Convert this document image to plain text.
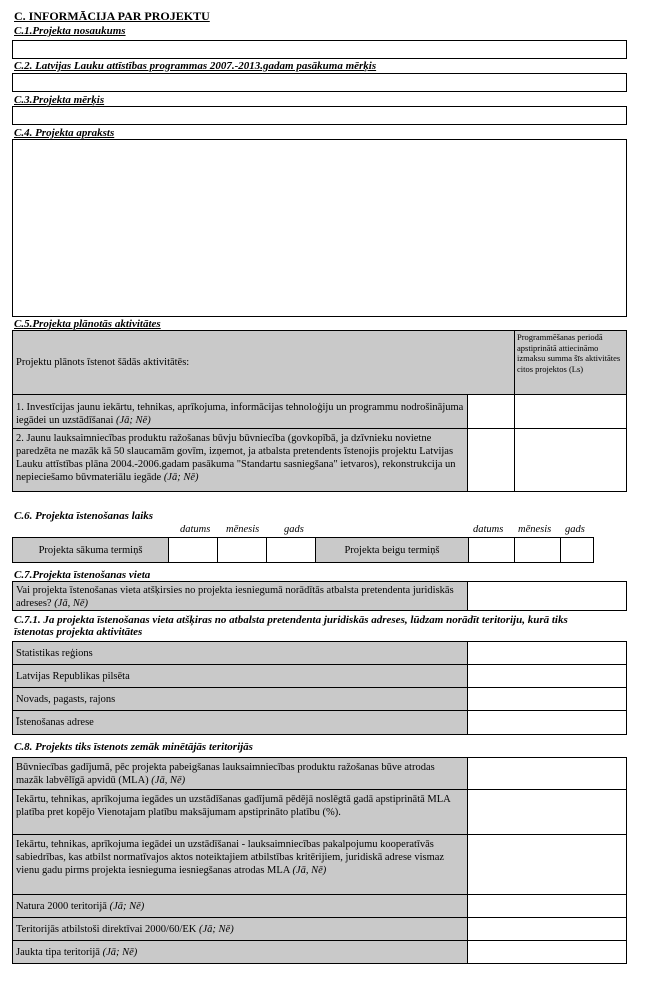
C. INFORMĀCIJA PAR PROJEKTU
C.1.Projekta nosaukums
C.2. Latvijas Lauku attīstības programmas 2007.-2013.gadam pasākuma mērķis
C.3.Projekta mērķis
C.4. Projekta apraksts
C.5.Projekta plānotās aktivitātes
Projektu plānots īstenot šādās aktivitātēs:
Programmēšanas periodā apstiprinātā attiecināmo izmaksu summa šīs aktivitātes citos projektos (Ls)
1. Investīcijas jaunu iekārtu, tehnikas, aprīkojuma, informācijas tehnoloģiju un programmu nodrošinājuma iegādei un uzstādīšanai (Jā; Nē)
2. Jaunu lauksaimniecības produktu ražošanas būvju būvniecība (govkopībā, ja dzīvnieku novietne paredzēta ne mazāk kā 50 slaucamām govīm, izņemot, ja atbalsta pretendents īstenojis projektu Latvijas Lauku attīstības plāna 2004.-2006.gadam pasākuma "Standartu sasniegšana" ietvaros), rekonstrukcija un nepieciešamo būvmateriālu iegāde (Jā; Nē)
C.6. Projekta īstenošanas laiks
datums mēnesis gads	datums mēnesis gads
Projekta sākuma termiņš	Projekta beigu termiņš
C.7.Projekta īstenošanas vieta
Vai projekta īstenošanas vieta atšķirsies no projekta iesniegumā norādītās atbalsta pretendenta juridiskās adreses? (Jā, Nē)
C.7.1. Ja projekta īstenošanas vieta atšķiras no atbalsta pretendenta juridiskās adreses, lūdzam norādīt teritoriju, kurā tiks
īstenotas projekta aktivitātes
Statistikas reģions
Latvijas Republikas pilsēta
Novads, pagasts, rajons
Īstenošanas adrese
C.8. Projekts tiks īstenots zemāk minētājās teritorijās
Būvniecības gadījumā, pēc projekta pabeigšanas lauksaimniecības produktu ražošanas būve atrodas mazāk labvēlīgā apvidū (MLA) (Jā, Nē)
Iekārtu, tehnikas, aprīkojuma iegādes un uzstādīšanas gadījumā pēdējā noslēgtā gadā apstiprinātā MLA platība pret kopējo Vienotajam platību maksājumam apstiprināto platību (%).
Iekārtu, tehnikas, aprīkojuma iegādei un uzstādīšanai - lauksaimniecības pakalpojumu kooperatīvās sabiedrības, kas atbilst normatīvajos aktos noteiktajiem atbilstības kritērijiem, juridiskā adrese vismaz vienu gadu pirms projekta iesnieguma iesniegšanas atrodas MLA (Jā, Nē)
Natura 2000 teritorijā (Jā; Nē)
Teritorijās atbilstoši direktīvai 2000/60/EK (Jā; Nē)
Jaukta tipa teritorijā (Jā; Nē)
